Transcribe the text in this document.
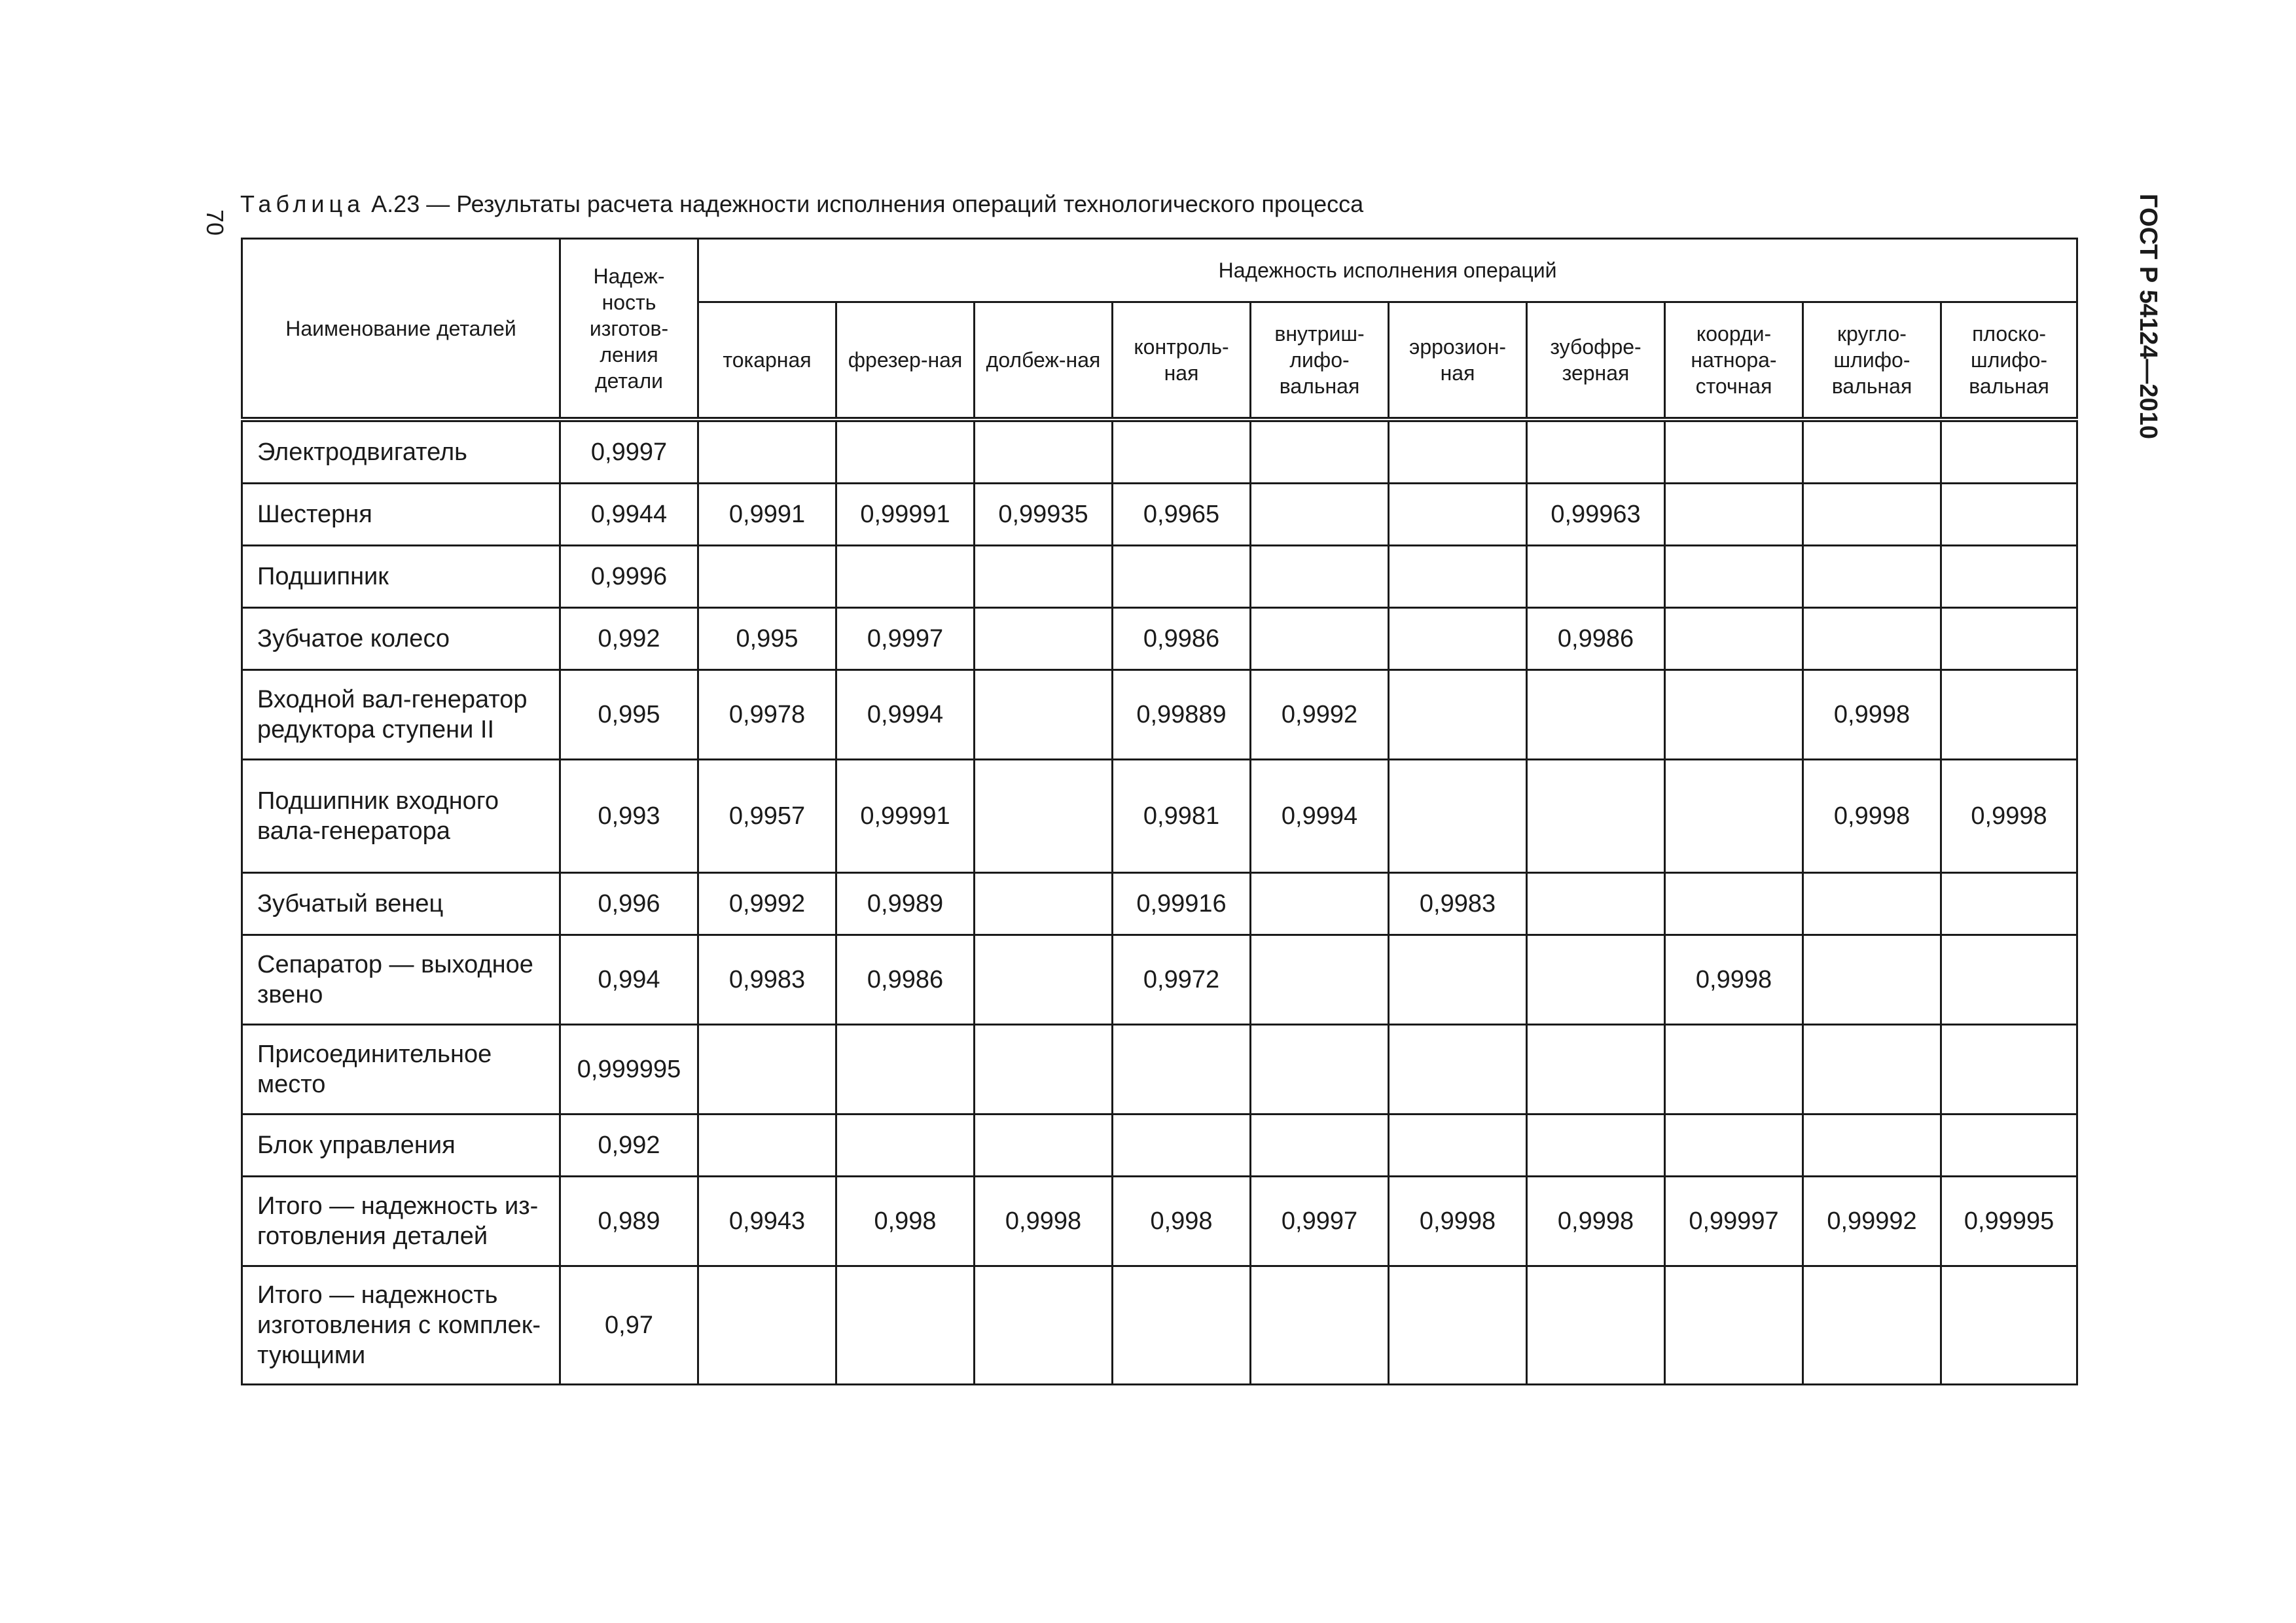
70
Таблица А.23 — Результаты расчета надежности исполнения операций технологического процесса	ГОСТ Р 54124—2010
Наименование деталей	Надеж-ность изготов-ления детали	Надежность исполнения операций									
		токарная	фрезер-ная	долбеж-ная	контроль-ная	внутриш-лифо-вальная	эррозион-ная	зубофре-зерная	коорди-натнора-сточная	кругло-шлифо-вальная	плоско-шлифо-вальная
Электродвигатель	0,9997										
Шестерня	0,9944	0,9991	0,99991	0,99935	0,9965			0,99963			
Подшипник	0,9996										
Зубчатое колесо	0,992	0,995	0,9997		0,9986			0,9986			
Входной вал-генератор редуктора ступени II	0,995	0,9978	0,9994		0,99889	0,9992				0,9998	
Подшипник входного вала-генератора	0,993	0,9957	0,99991		0,9981	0,9994				0,9998	0,9998
Зубчатый венец	0,996	0,9992	0,9989		0,99916		0,9983				
Сепаратор — выходное звено	0,994	0,9983	0,9986		0,9972				0,9998		
Присоединительное место	0,999995										
Блок управления	0,992										
Итого — надежность из-готовления деталей	0,989	0,9943	0,998	0,9998	0,998	0,9997	0,9998	0,9998	0,99997	0,99992	0,99995
Итого — надежность изготовления с комплек-тующими	0,97										
